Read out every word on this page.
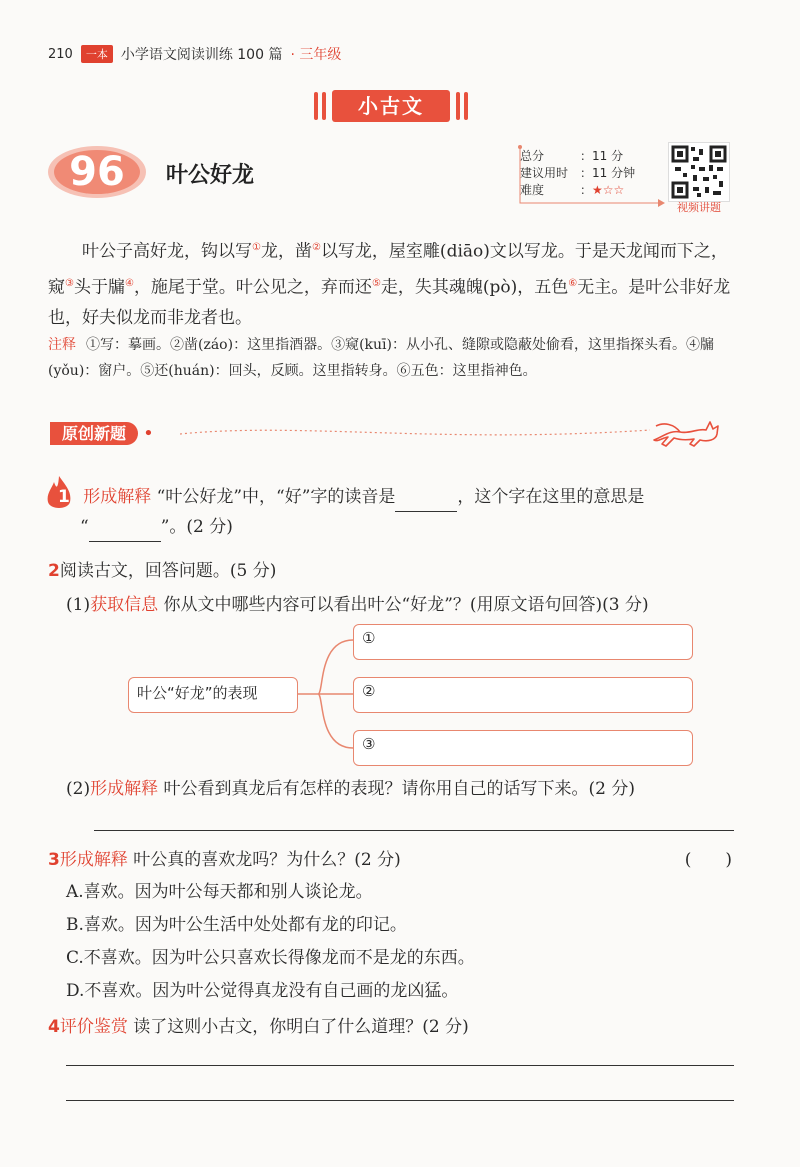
210	一本 小学语文阅读训练 100 篇 · 三年级
小古文
96	叶公好龙
总分	：11 分
建议用时 ：11 分钟
难度	： ★☆☆
视频讲题

叶公子高好龙，钩以写①龙，凿②以写龙，屋室雕(diāo)文以写龙。于是天龙闻而下之，窥③头于牖④，施尾于堂。叶公见之，弃而还⑤走，失其魂魄(pò)，五色⑥无主。是叶公非好龙也，好夫似龙而非龙者也。

注释 ①写：摹画。②凿(záo)：这里指酒器。③窥(kuī)：从小孔、缝隙或隐蔽处偷看，这里指探头看。④牖(yǒu)：窗户。⑤还(huán)：回头，反顾。这里指转身。⑥五色：这里指神色。
原创新题 •
1 形成解释 “叶公好龙”中，“好”字的读音是	，这个字在这里的意思是
“	”。(2 分)
2阅读古文，回答问题。(5 分)
(1)获取信息 你从文中哪些内容可以看出叶公“好龙”？(用原文语句回答)(3 分)
叶公“好龙”的表现
①
②
③
(2)形成解释 叶公看到真龙后有怎样的表现？请你用自己的话写下来。(2 分)
3形成解释 叶公真的喜欢龙吗？为什么？(2 分)	(　　)
A.喜欢。因为叶公每天都和别人谈论龙。
B.喜欢。因为叶公生活中处处都有龙的印记。
C.不喜欢。因为叶公只喜欢长得像龙而不是龙的东西。
D.不喜欢。因为叶公觉得真龙没有自己画的龙凶猛。
4评价鉴赏 读了这则小古文，你明白了什么道理？(2 分)
